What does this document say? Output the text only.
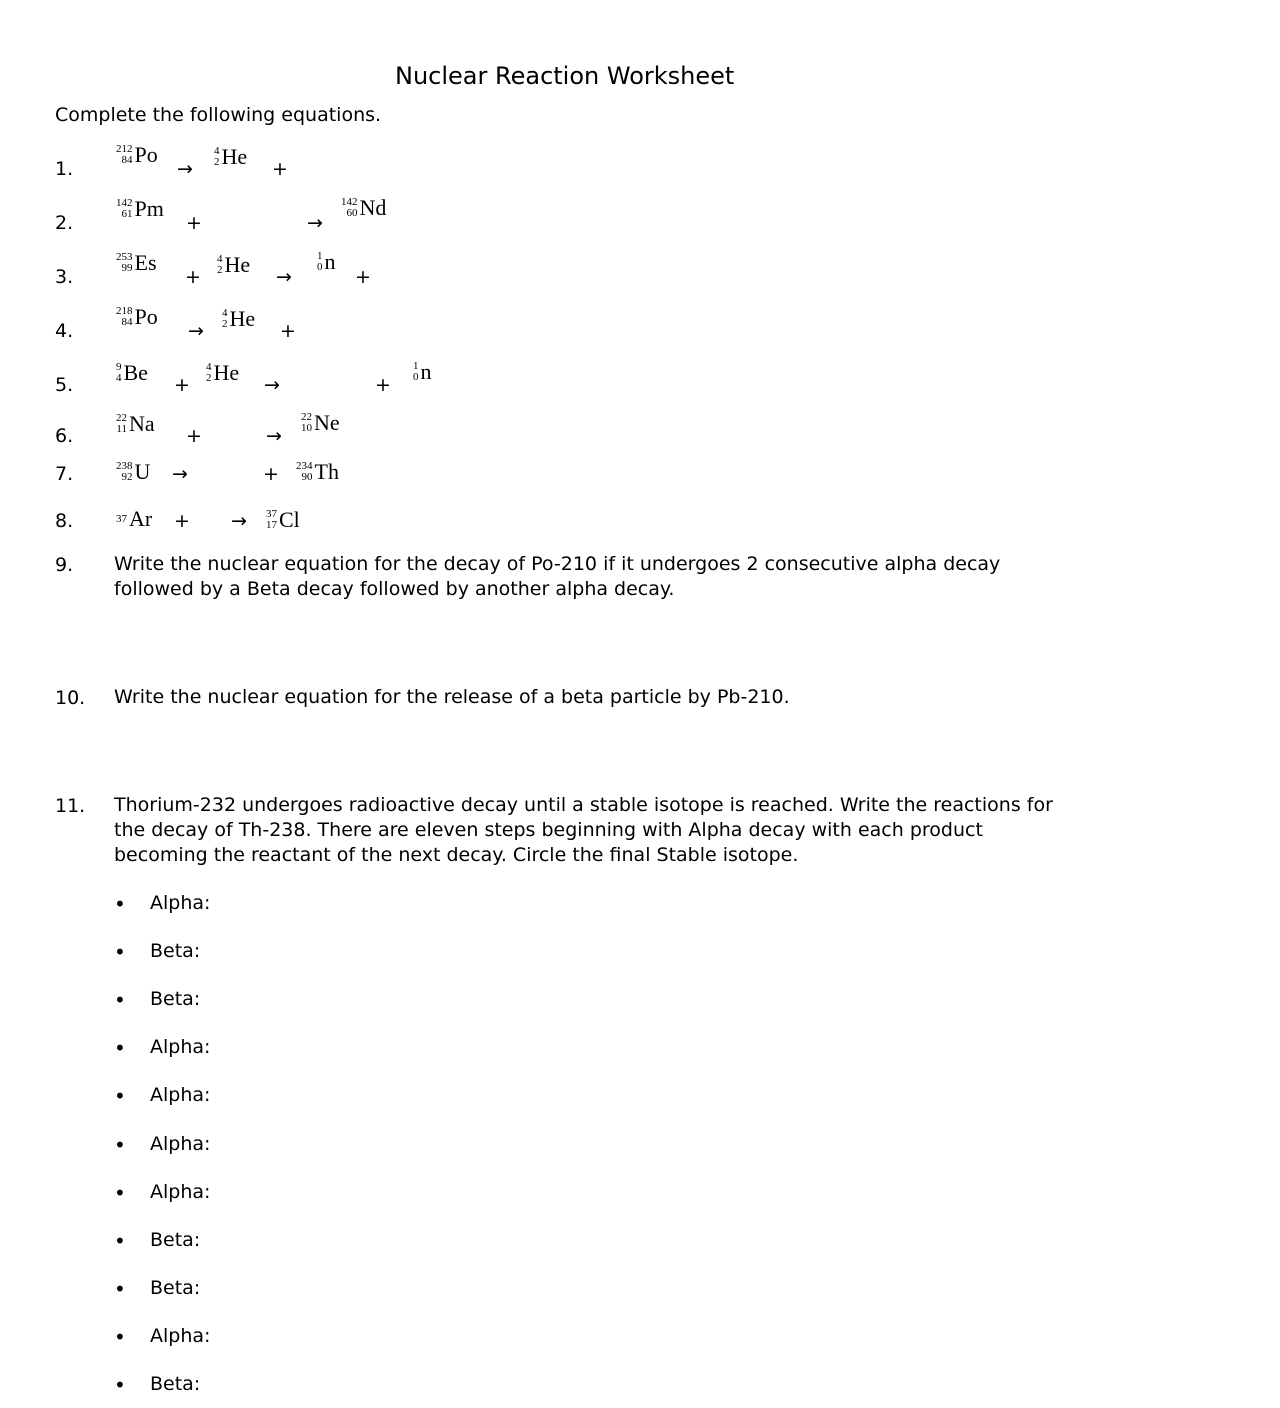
Nuclear Reaction Worksheet
Complete the following equations.
1.
212
84 Po
→
4
2 He +
2.
142
61 Pm
+	→
142
60 Nd
3.
253
99 Es
+
4
2 He →
1
0 n
+
4.
218
84 Po
→
4
2 He +
5.
9
4 Be +
4
2 He →	+
1
0 n
6.
22
11 Na +	→
22
10 Ne
7.	238
92 U →	+ 234
90 Th
8.	37 Ar + → 37
17 Cl
9. Write the nuclear equation for the decay of Po-210 if it undergoes 2 consecutive alpha decay followed by a Beta decay followed by another alpha decay.
10. Write the nuclear equation for the release of a beta particle by Pb-210.
11. Thorium-232 undergoes radioactive decay until a stable isotope is reached. Write the reactions for the decay of Th-238. There are eleven steps beginning with Alpha decay with each product becoming the reactant of the next decay. Circle the final Stable isotope.
• Alpha:
• Beta:
• Beta:
• Alpha:
• Alpha:
• Alpha:
• Alpha:
• Beta:
• Beta:
• Alpha:
• Beta:
